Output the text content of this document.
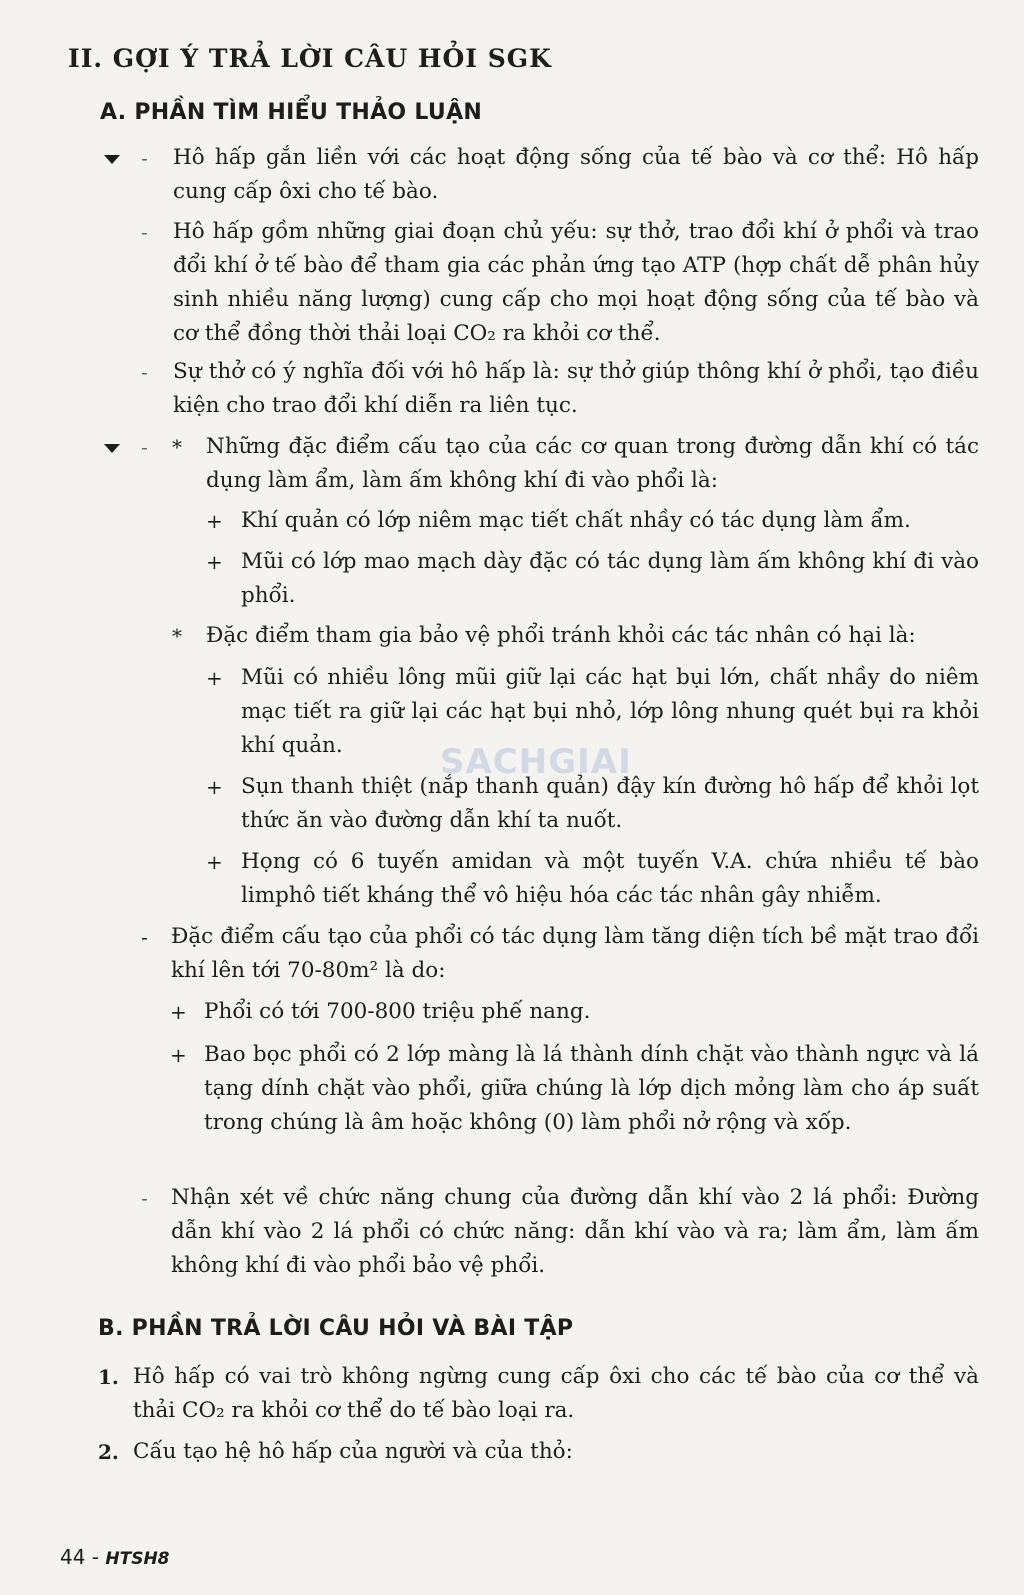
II. GỢI Ý TRẢ LỜI CÂU HỎI SGK
A. PHẦN TÌM HIỂU THẢO LUẬN
- Hô hấp gắn liền với các hoạt động sống của tế bào và cơ thể: Hô hấp cung cấp ôxi cho tế bào.

- Hô hấp gồm những giai đoạn chủ yếu: sự thở, trao đổi khí ở phổi và trao đổi khí ở tế bào để tham gia các phản ứng tạo ATP (hợp chất dễ phân hủy sinh nhiều năng lượng) cung cấp cho mọi hoạt động sống của tế bào và cơ thể đồng thời thải loại CO₂ ra khỏi cơ thể.

- Sự thở có ý nghĩa đối với hô hấp là: sự thở giúp thông khí ở phổi, tạo điều kiện cho trao đổi khí diễn ra liên tục.

- * Những đặc điểm cấu tạo của các cơ quan trong đường dẫn khí có tác dụng làm ẩm, làm ấm không khí đi vào phổi là:

+ Khí quản có lớp niêm mạc tiết chất nhầy có tác dụng làm ẩm.

+ Mũi có lớp mao mạch dày đặc có tác dụng làm ấm không khí đi vào phổi.

* Đặc điểm tham gia bảo vệ phổi tránh khỏi các tác nhân có hại là:

+ Mũi có nhiều lông mũi giữ lại các hạt bụi lớn, chất nhầy do niêm mạc tiết ra giữ lại các hạt bụi nhỏ, lớp lông nhung quét bụi ra khỏi khí quản.

+ Sụn thanh thiệt (nắp thanh quản) đậy kín đường hô hấp để khỏi lọt thức ăn vào đường dẫn khí ta nuốt.

+ Họng có 6 tuyến amidan và một tuyến V.A. chứa nhiều tế bào limphô tiết kháng thể vô hiệu hóa các tác nhân gây nhiễm.

- Đặc điểm cấu tạo của phổi có tác dụng làm tăng diện tích bề mặt trao đổi khí lên tới 70-80m² là do:

+ Phổi có tới 700-800 triệu phế nang.

+ Bao bọc phổi có 2 lớp màng là lá thành dính chặt vào thành ngực và lá tạng dính chặt vào phổi, giữa chúng là lớp dịch mỏng làm cho áp suất trong chúng là âm hoặc không (0) làm phổi nở rộng và xốp.

- Nhận xét về chức năng chung của đường dẫn khí vào 2 lá phổi: Đường dẫn khí vào 2 lá phổi có chức năng: dẫn khí vào và ra; làm ẩm, làm ấm không khí đi vào phổi bảo vệ phổi.

B. PHẦN TRẢ LỜI CÂU HỎI VÀ BÀI TẬP
1. Hô hấp có vai trò không ngừng cung cấp ôxi cho các tế bào của cơ thể và thải CO₂ ra khỏi cơ thể do tế bào loại ra.

2. Cấu tạo hệ hô hấp của người và của thỏ:

SACHGIAI
44 - HTSH8
